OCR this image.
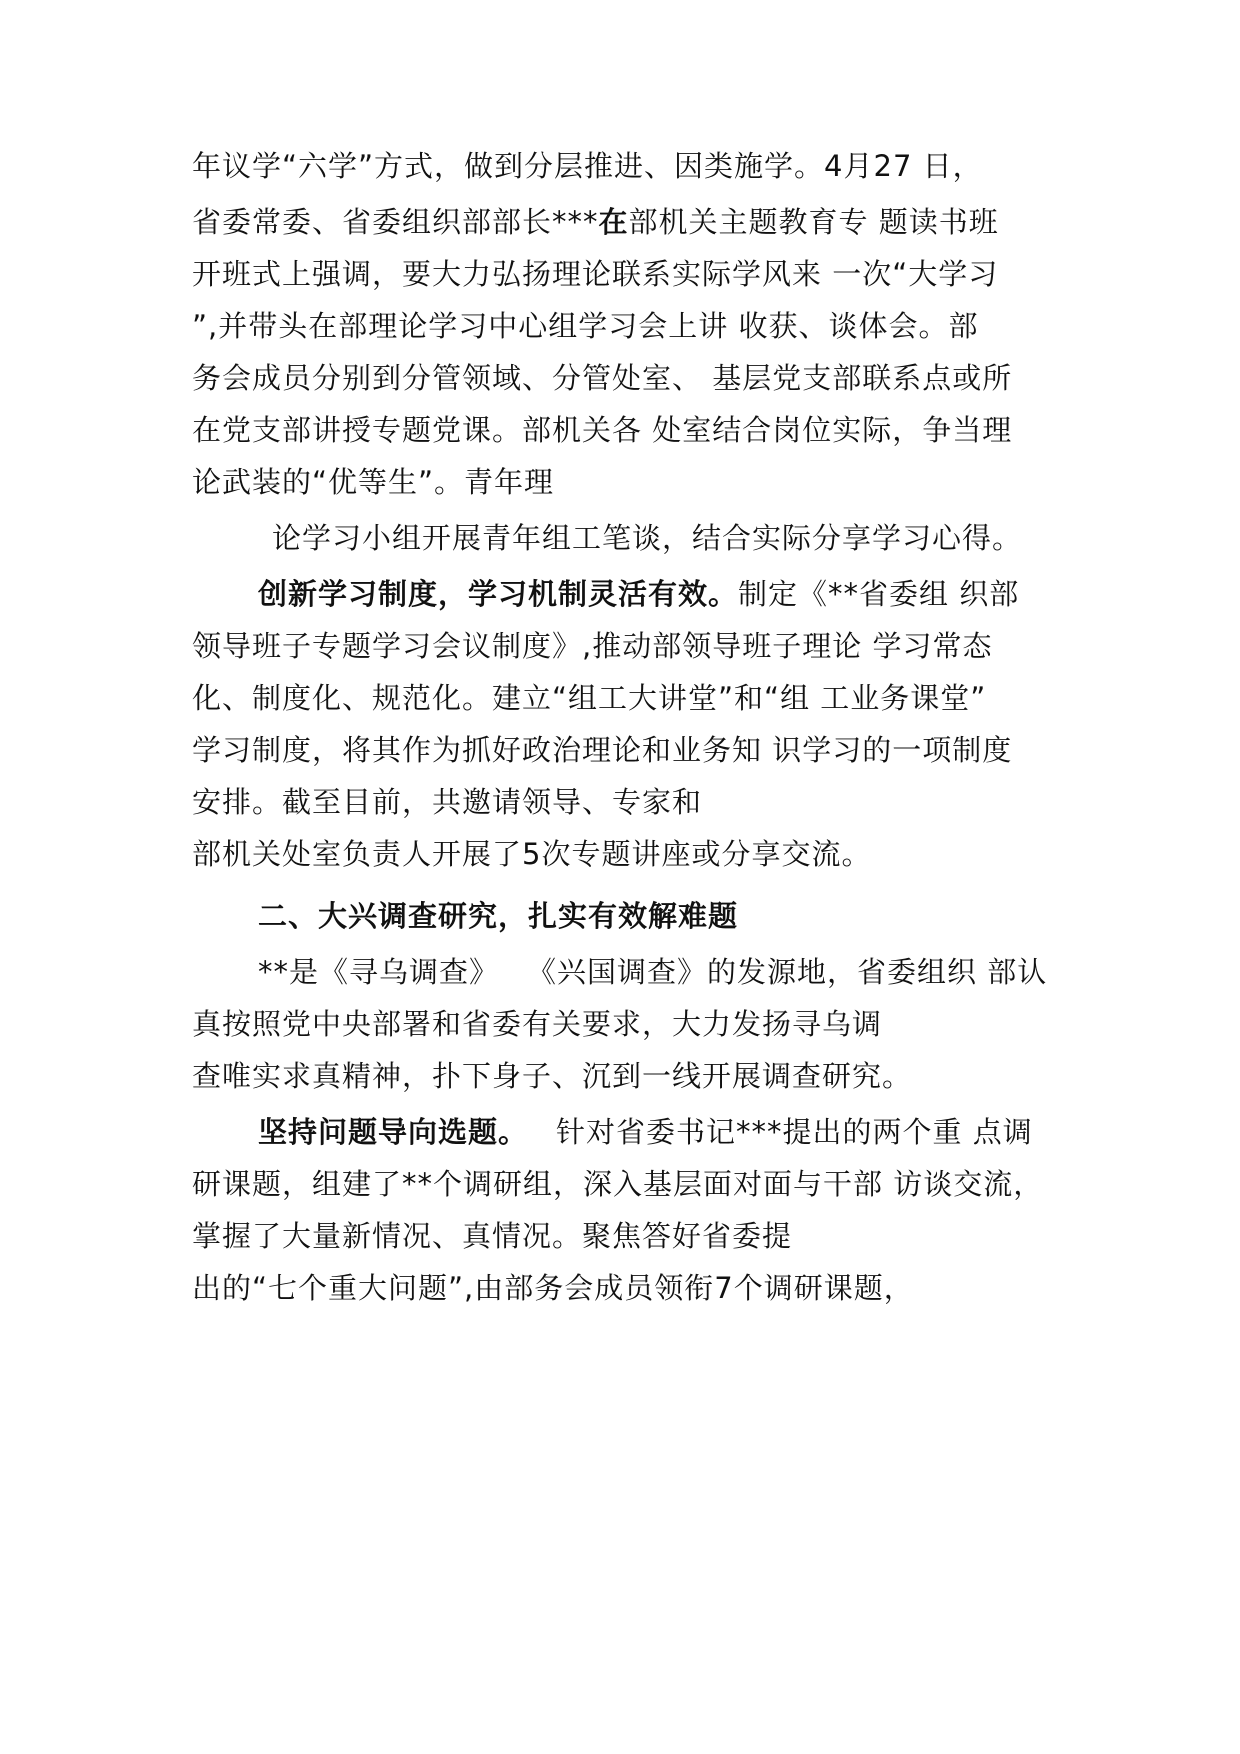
年议学“六学”方式，做到分层推进、因类施学。4月27 日，
省委常委、省委组织部部长***在部机关主题教育专 题读书班
开班式上强调，要大力弘扬理论联系实际学风来 一次“大学习
”,并带头在部理论学习中心组学习会上讲 收获、谈体会。部
务会成员分别到分管领域、分管处室、 基层党支部联系点或所
在党支部讲授专题党课。部机关各 处室结合岗位实际，争当理
论武装的“优等生”。青年理
论学习小组开展青年组工笔谈，结合实际分享学习心得。
创新学习制度，学习机制灵活有效。制定《**省委组 织部
领导班子专题学习会议制度》,推动部领导班子理论 学习常态
化、制度化、规范化。建立“组工大讲堂”和“组 工业务课堂”
学习制度，将其作为抓好政治理论和业务知 识学习的一项制度
安排。截至目前，共邀请领导、专家和
部机关处室负责人开展了5次专题讲座或分享交流。
二、大兴调查研究，扎实有效解难题
**是《寻乌调查》 《兴国调查》的发源地，省委组织 部认
真按照党中央部署和省委有关要求，大力发扬寻乌调
查唯实求真精神，扑下身子、沉到一线开展调查研究。
坚持问题导向选题。 针对省委书记***提出的两个重 点调
研课题，组建了**个调研组，深入基层面对面与干部 访谈交流，
掌握了大量新情况、真情况。聚焦答好省委提
出的“七个重大问题”,由部务会成员领衔7个调研课题，
